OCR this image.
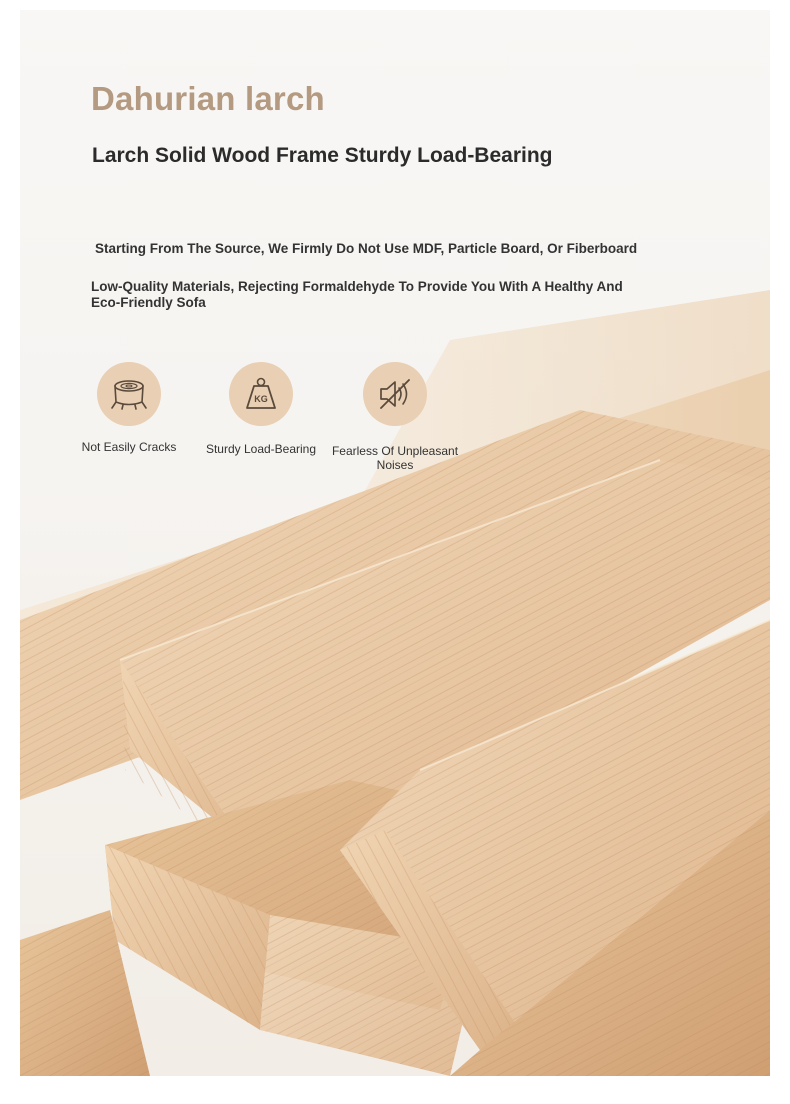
Dahurian larch
Larch Solid Wood Frame Sturdy Load-Bearing

Starting From The Source, We Firmly Do Not Use MDF, Particle Board, Or Fiberboard

Low-Quality Materials, Rejecting Formaldehyde To Provide You With A Healthy And Eco-Friendly Sofa

Not Easily Cracks
KG
Sturdy Load-Bearing	Fearless Of Unpleasant Noises
